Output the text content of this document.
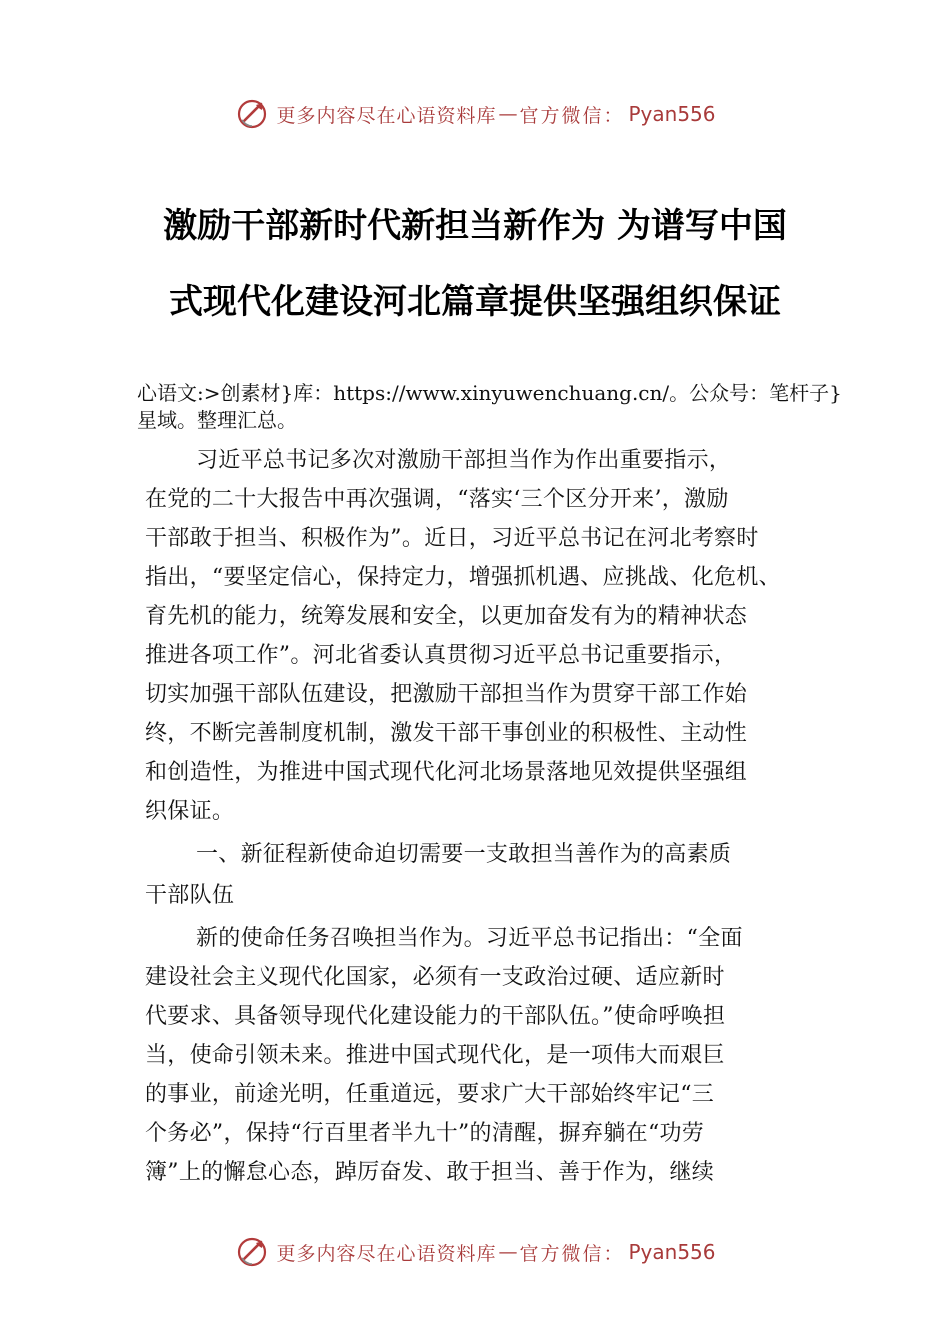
更多内容尽在心语资料库 — 官方微信： Pyan556
激励干部新时代新担当新作为 为谱写中国
式现代化建设河北篇章提供坚强组织保证

心语文:>创素材}库：https://www.xinyuwenchuang.cn/。公众号：笔杆子}星域。整理汇总。

习近平总书记多次对激励干部担当作为作出重要指示，

在党的二十大报告中再次强调，“落实‘三个区分开来’，激励

干部敢于担当、积极作为”。近日，习近平总书记在河北考察时

指出，“要坚定信心，保持定力，增强抓机遇、应挑战、化危机、

育先机的能力，统筹发展和安全，以更加奋发有为的精神状态

推进各项工作”。河北省委认真贯彻习近平总书记重要指示，

切实加强干部队伍建设，把激励干部担当作为贯穿干部工作始

终，不断完善制度机制，激发干部干事创业的积极性、主动性

和创造性，为推进中国式现代化河北场景落地见效提供坚强组

织保证。

一、新征程新使命迫切需要一支敢担当善作为的高素质

干部队伍

新的使命任务召唤担当作为。习近平总书记指出：“全面

建设社会主义现代化国家，必须有一支政治过硬、适应新时

代要求、具备领导现代化建设能力的干部队伍。”使命呼唤担

当，使命引领未来。推进中国式现代化，是一项伟大而艰巨

的事业，前途光明，任重道远，要求广大干部始终牢记“三

个务必”，保持“行百里者半九十”的清醒，摒弃躺在“功劳

簿”上的懈怠心态，踔厉奋发、敢于担当、善于作为，继续

更多内容尽在心语资料库 — 官方微信： Pyan556
